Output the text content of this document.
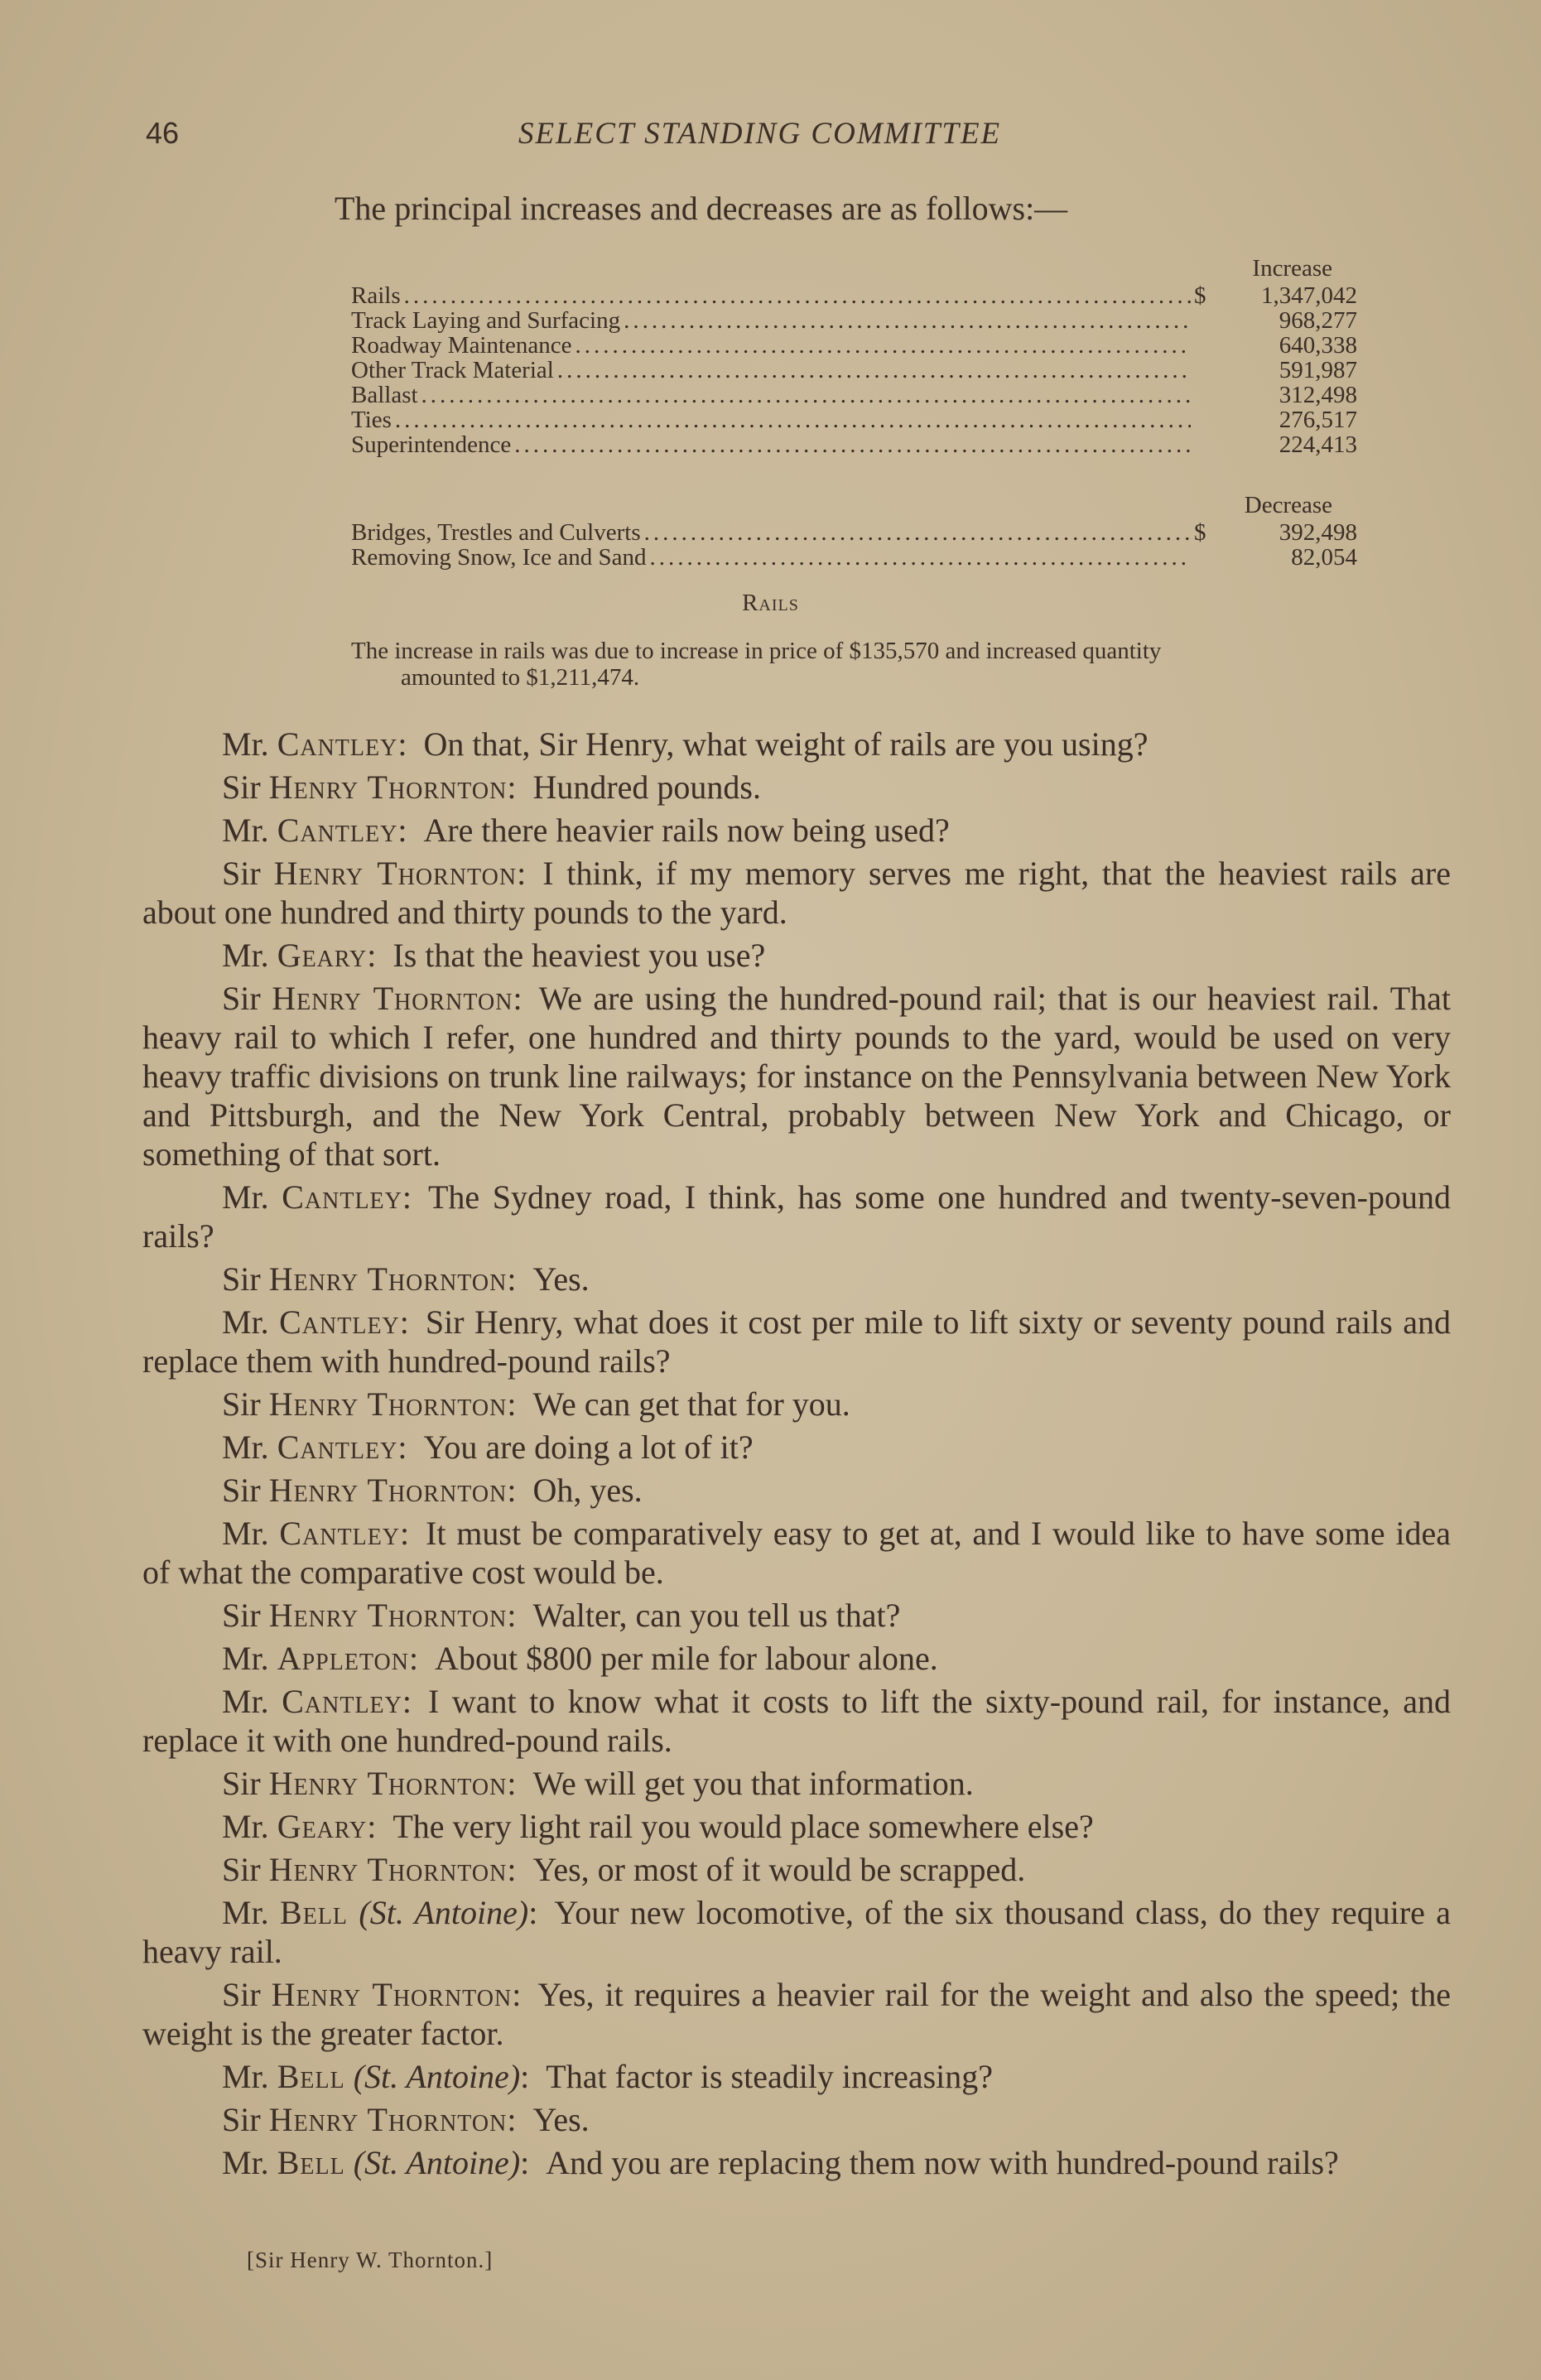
46	SELECT STANDING COMMITTEE
The principal increases and decreases are as follows:—
Increase
Rails .....	$	1,347,042
Track Laying and Surfacing .....	968,277
Roadway Maintenance .....	640,338
Other Track Material .....	591,987
Ballast .....	312,498
Ties .....	276,517
Superintendence .....	224,413
Decrease
Bridges, Trestles and Culverts .....	$	392,498
Removing Snow, Ice and Sand .....	82,054
Rails
The increase in rails was due to increase in price of $135,570 and increased quantity
amounted to $1,211,474.

Mr. Cantley: On that, Sir Henry, what weight of rails are you using?

Sir Henry Thornton: Hundred pounds.

Mr. Cantley: Are there heavier rails now being used?

Sir Henry Thornton: I think, if my memory serves me right, that the heaviest rails are about one hundred and thirty pounds to the yard.

Mr. Geary: Is that the heaviest you use?

Sir Henry Thornton: We are using the hundred-pound rail; that is our heaviest rail. That heavy rail to which I refer, one hundred and thirty pounds to the yard, would be used on very heavy traffic divisions on trunk line railways; for instance on the Pennsylvania between New York and Pittsburgh, and the New York Central, probably between New York and Chicago, or something of that sort.

Mr. Cantley: The Sydney road, I think, has some one hundred and twenty-seven-pound rails?

Sir Henry Thornton: Yes.

Mr. Cantley: Sir Henry, what does it cost per mile to lift sixty or seventy pound rails and replace them with hundred-pound rails?

Sir Henry Thornton: We can get that for you.

Mr. Cantley: You are doing a lot of it?

Sir Henry Thornton: Oh, yes.

Mr. Cantley: It must be comparatively easy to get at, and I would like to have some idea of what the comparative cost would be.

Sir Henry Thornton: Walter, can you tell us that?

Mr. Appleton: About $800 per mile for labour alone.

Mr. Cantley: I want to know what it costs to lift the sixty-pound rail, for instance, and replace it with one hundred-pound rails.

Sir Henry Thornton: We will get you that information.

Mr. Geary: The very light rail you would place somewhere else?

Sir Henry Thornton: Yes, or most of it would be scrapped.

Mr. Bell (St. Antoine): Your new locomotive, of the six thousand class, do they require a heavy rail.

Sir Henry Thornton: Yes, it requires a heavier rail for the weight and also the speed; the weight is the greater factor.

Mr. Bell (St. Antoine): That factor is steadily increasing?

Sir Henry Thornton: Yes.

Mr. Bell (St. Antoine): And you are replacing them now with hundred-pound rails?

[Sir Henry W. Thornton.]
